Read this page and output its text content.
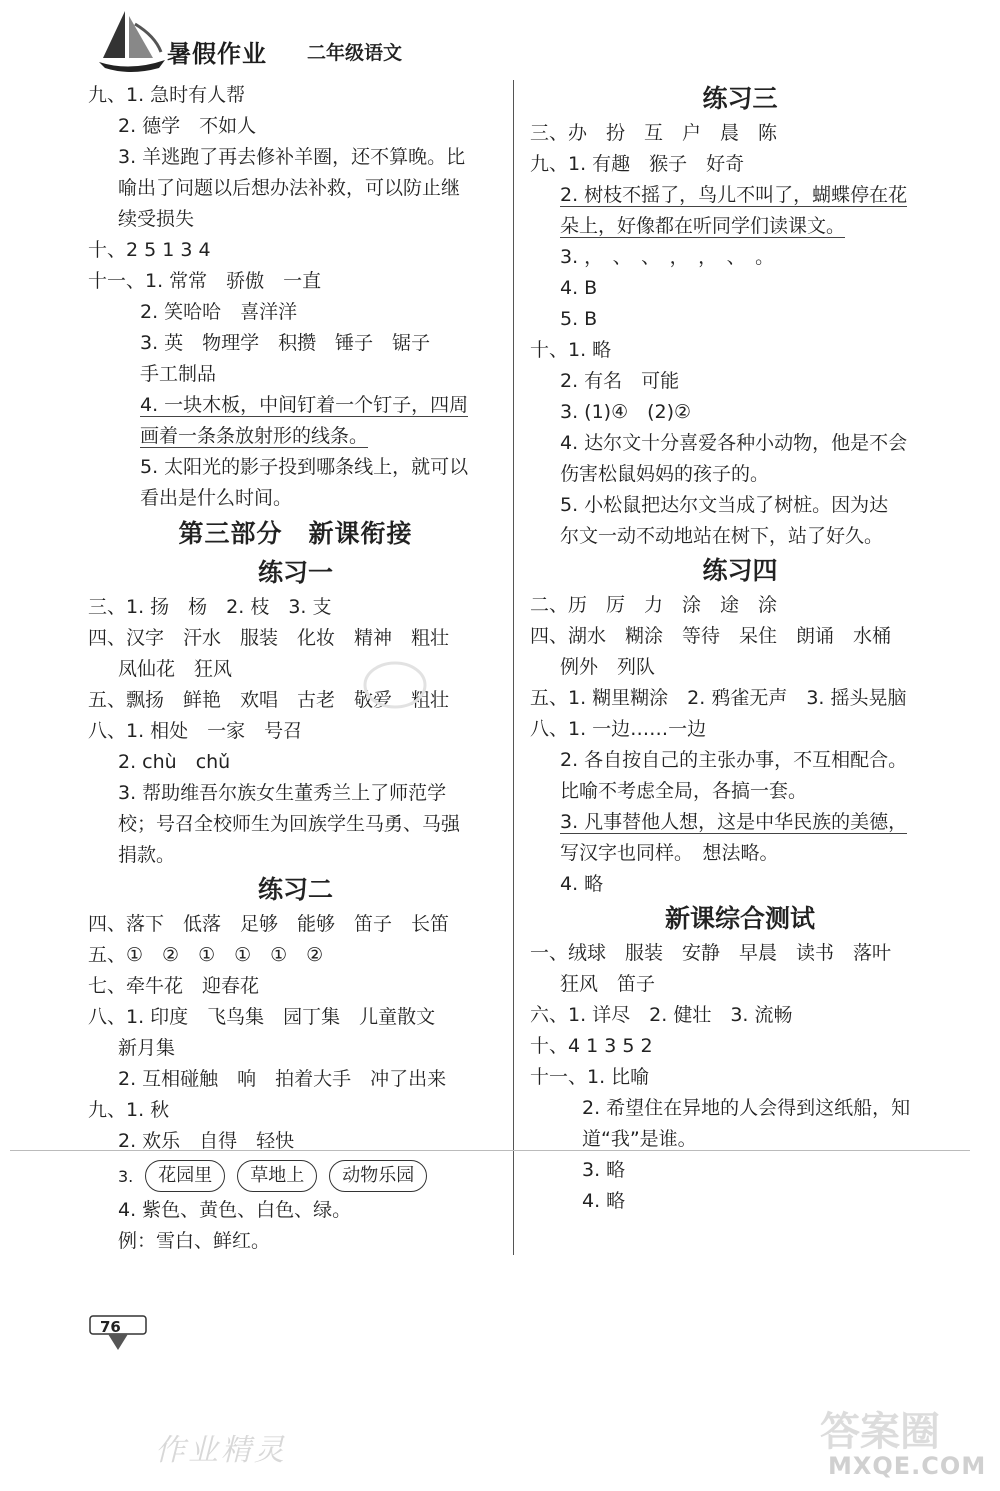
暑假作业 二年级语文
九、1. 急时有人帮
2. 德学　不如人
3. 羊逃跑了再去修补羊圈，还不算晚。比
喻出了问题以后想办法补救，可以防止继
续受损失
十、2 5 1 3 4
十一、1. 常常　骄傲　一直
2. 笑哈哈　喜洋洋
3. 英　物理学　积攒　锤子　锯子
手工制品
4. 一块木板，中间钉着一个钉子，四周
画着一条条放射形的线条。
5. 太阳光的影子投到哪条线上，就可以
看出是什么时间。
第三部分　新课衔接
练习一
三、1. 扬　杨　2. 枝　3. 支
四、汉字　汗水　服装　化妆　精神　粗壮
凤仙花　狂风
五、飘扬　鲜艳　欢唱　古老　敬爱　粗壮
八、1. 相处　一家　号召
2. chù　chǔ
3. 帮助维吾尔族女生董秀兰上了师范学
校；号召全校师生为回族学生马勇、马强
捐款。
练习二
四、落下　低落　足够　能够　笛子　长笛
五、①　②　①　①　①　②
七、牵牛花　迎春花
八、1. 印度　飞鸟集　园丁集　儿童散文
新月集
2. 互相碰触　响　拍着大手　冲了出来
九、1. 秋
2. 欢乐　自得　轻快
3.	花园里	草地上	动物乐园
4. 紫色、黄色、白色、绿。
例：雪白、鲜红。
练习三
三、办　扮　互　户　晨　陈
九、1. 有趣　猴子　好奇
2. 树枝不摇了，鸟儿不叫了，蝴蝶停在花
朵上，好像都在听同学们读课文。
3. ，　、　、　，　，　、　。
4. B
5. B
十、1. 略
2. 有名　可能
3. (1)④　(2)②
4. 达尔文十分喜爱各种小动物，他是不会
伤害松鼠妈妈的孩子的。
5. 小松鼠把达尔文当成了树桩。因为达
尔文一动不动地站在树下，站了好久。
练习四
二、历　厉　力　涂　途　涂
四、湖水　糊涂　等待　呆住　朗诵　水桶
例外　列队
五、1. 糊里糊涂　2. 鸦雀无声　3. 摇头晃脑
八、1. 一边……一边
2. 各自按自己的主张办事，不互相配合。
比喻不考虑全局，各搞一套。
3. 凡事替他人想，这是中华民族的美德，
写汉字也同样。　想法略。
4. 略
新课综合测试
一、绒球　服装　安静　早晨　读书　落叶
狂风　笛子
六、1. 详尽　2. 健壮　3. 流畅
十、4 1 3 5 2
十一、1. 比喻
2. 希望住在异地的人会得到这纸船，知
道“我”是谁。
3. 略
4. 略
76
作业精灵	答案圈
MXQE.COM
